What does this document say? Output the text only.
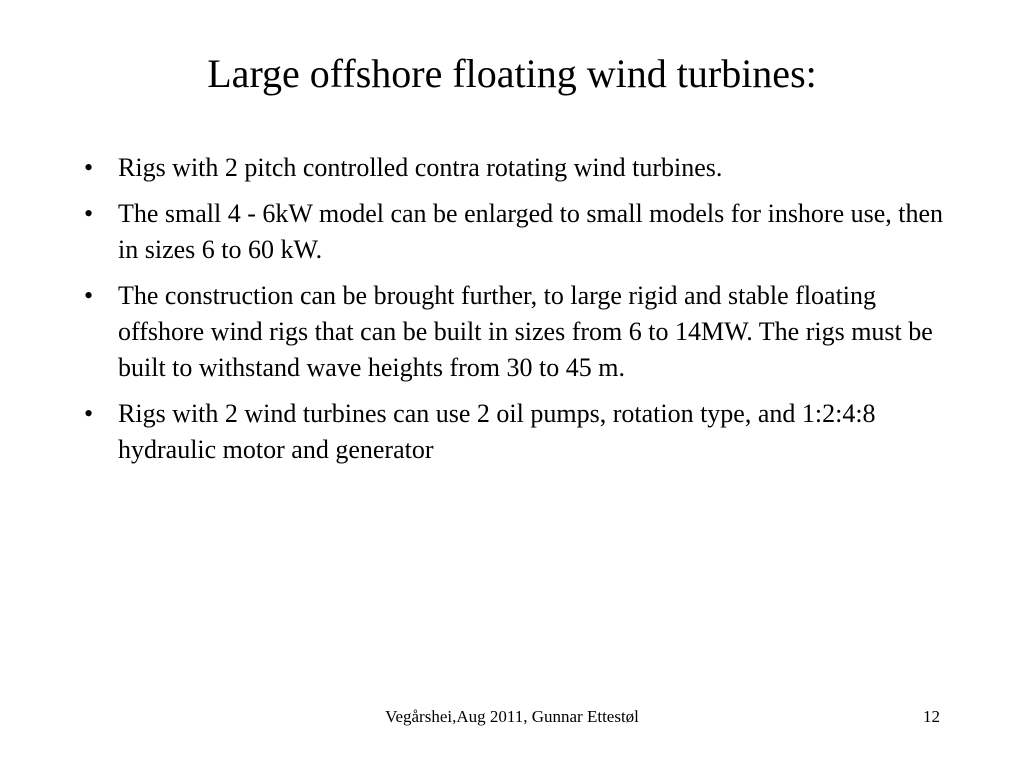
Large offshore floating wind turbines:
• Rigs with 2 pitch controlled contra rotating wind turbines.
• The small 4 - 6kW model can be enlarged to small models for inshore use, then in sizes 6 to 60 kW.
• The construction can be brought further, to large rigid and stable floating offshore wind rigs that can be built in sizes from 6 to 14MW. The rigs must be built to withstand wave heights from 30 to 45 m.
• Rigs with 2 wind turbines can use 2 oil pumps, rotation type, and 1:2:4:8 hydraulic motor and generator
Vegårshei,Aug 2011, Gunnar Ettestøl	12
